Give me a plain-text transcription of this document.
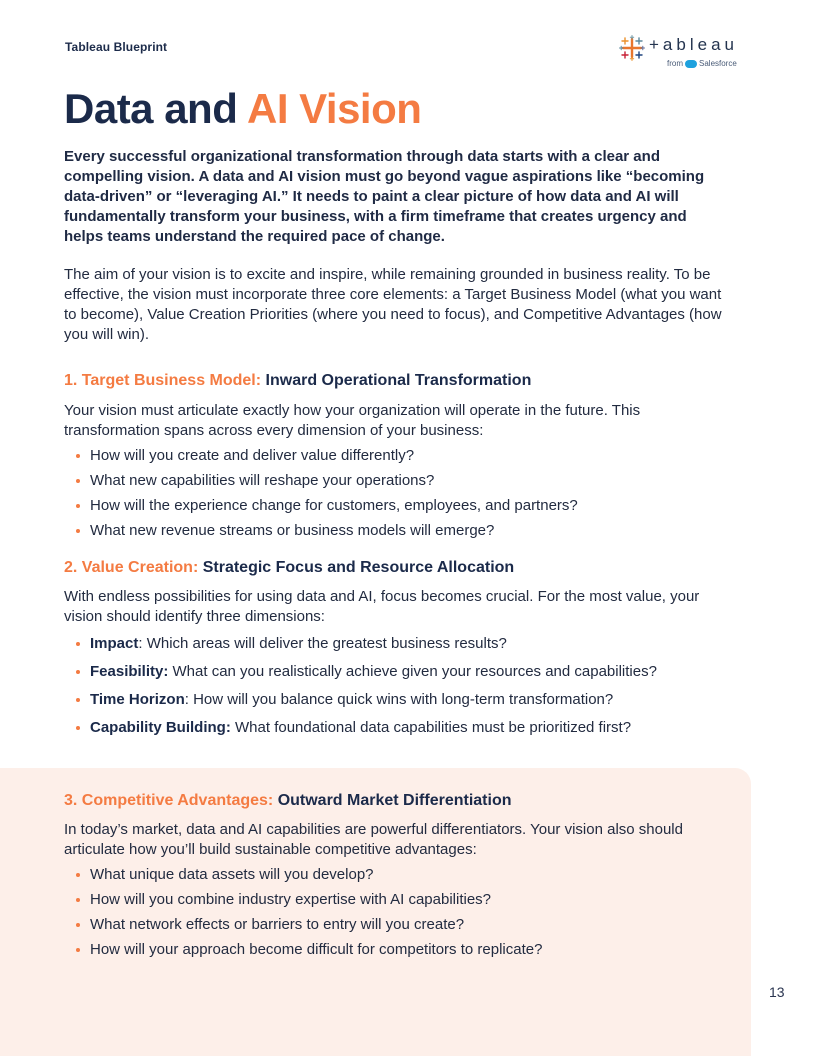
Tableau Blueprint	+ableau
from Salesforce
Data and AI Vision

Every successful organizational transformation through data starts with a clear and compelling vision. A data and AI vision must go beyond vague aspirations like “becoming data-driven” or “leveraging AI.” It needs to paint a clear picture of how data and AI will fundamentally transform your business, with a firm timeframe that creates urgency and helps teams understand the required pace of change.

The aim of your vision is to excite and inspire, while remaining grounded in business reality. To be effective, the vision must incorporate three core elements: a Target Business Model (what you want to become), Value Creation Priorities (where you need to focus), and Competitive Advantages (how you will win).

1. Target Business Model: Inward Operational Transformation

Your vision must articulate exactly how your organization will operate in the future. This transformation spans across every dimension of your business:

How will you create and deliver value differently?
What new capabilities will reshape your operations?
How will the experience change for customers, employees, and partners?
What new revenue streams or business models will emerge?
2. Value Creation: Strategic Focus and Resource Allocation

With endless possibilities for using data and AI, focus becomes crucial. For the most value, your vision should identify three dimensions:

Impact: Which areas will deliver the greatest business results?
Feasibility: What can you realistically achieve given your resources and capabilities?
Time Horizon: How will you balance quick wins with long-term transformation?
Capability Building: What foundational data capabilities must be prioritized first?
3. Competitive Advantages: Outward Market Differentiation

In today’s market, data and AI capabilities are powerful differentiators. Your vision also should articulate how you’ll build sustainable competitive advantages:

What unique data assets will you develop?
How will you combine industry expertise with AI capabilities?
What network effects or barriers to entry will you create?
How will your approach become difficult for competitors to replicate?
13
